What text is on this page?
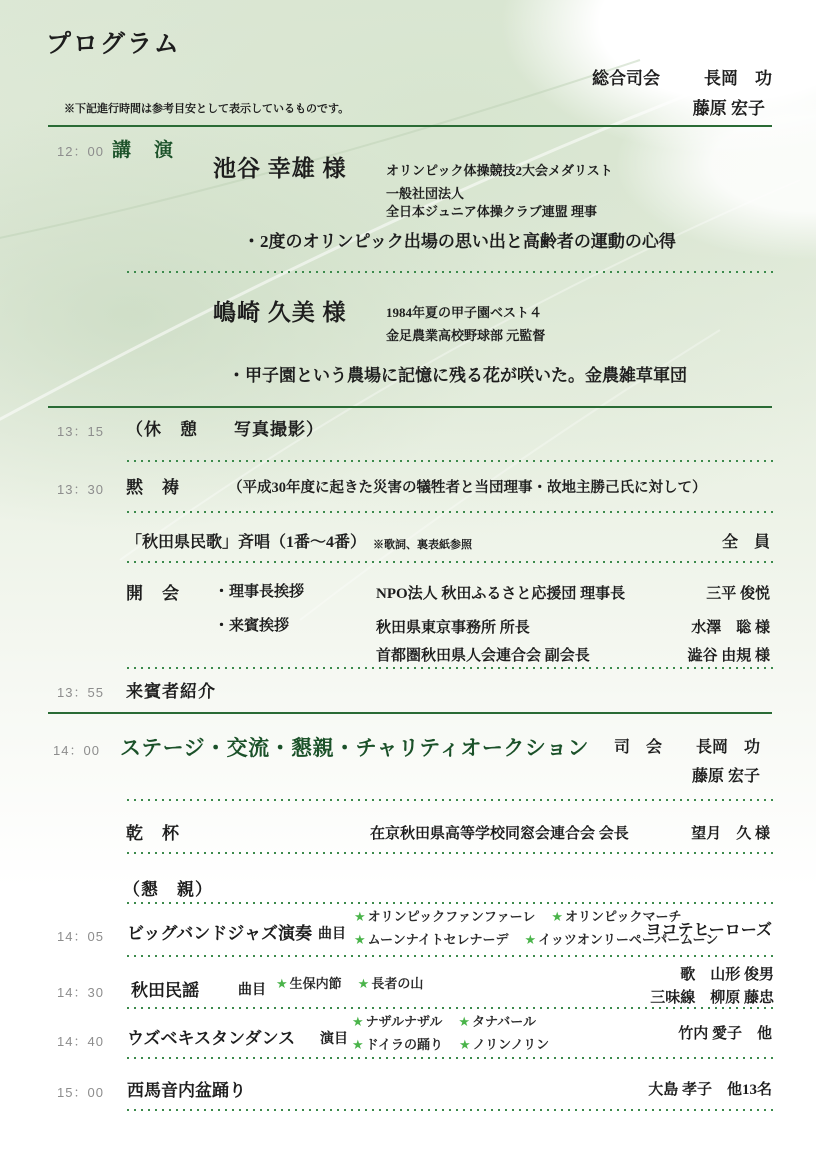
プログラム
総合司会	長岡　功
藤原 宏子
※下記進行時間は参考目安として表示しているものです。
12：00 講　演
池谷 幸雄 様	オリンピック体操競技2大会メダリスト
一般社団法人
全日本ジュニア体操クラブ連盟 理事
・2度のオリンピック出場の思い出と高齢者の運動の心得
嶋崎 久美 様	1984年夏の甲子園ベスト４
金足農業高校野球部 元監督
・甲子園という農場に記憶に残る花が咲いた。金農雑草軍団
13：15 （休　憩　　写真撮影）
13：30 黙　祷	（平成30年度に起きた災害の犠牲者と当団理事・故地主勝己氏に対して）
「秋田県民歌」斉唱（1番～4番） ※歌詞、裏表紙参照	全　員
開　会 ・理事長挨拶	NPO法人 秋田ふるさと応援団 理事長	三平 俊悦
・来賓挨拶	秋田県東京事務所 所長	水澤　聡 様
首都圏秋田県人会連合会 副会長	澁谷 由規 様
13：55 来賓者紹介
14：00 ステージ・交流・懇親・チャリティオークション 司　会 長岡　功
藤原 宏子
乾　杯	在京秋田県高等学校同窓会連合会 会長	望月　久 様
（懇　親）
14：05 ビッグバンドジャズ演奏 曲目
★ オリンピックファンファーレ ★ オリンピックマーチ
★ ムーンナイトセレナーデ ★ イッツオンリーペーパームーン
ヨコテヒーローズ
14：30 秋田民謡	曲目 ★ 生保内節 ★ 長者の山
歌　山形 俊男
三味線　柳原 藤忠
14：40 ウズベキスタンダンス 演目
★ ナザルナザル ★ タナバール
★ ドイラの踊り ★ ノリンノリン
竹内 愛子　他
15：00 西馬音内盆踊り	大島 孝子　他13名
